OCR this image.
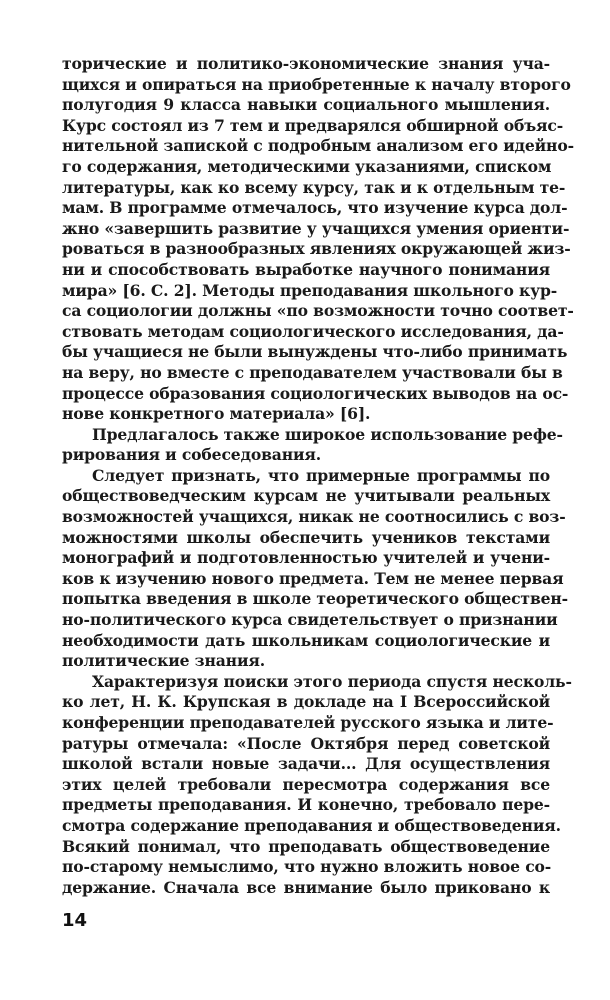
торические и политико-экономические знания уча-
щихся и опираться на приобретенные к началу второго
полугодия 9 класса навыки социального мышления.
Курс состоял из 7 тем и предварялся обширной объяс-
нительной запиской с подробным анализом его идейно-
го содержания, методическими указаниями, списком
литературы, как ко всему курсу, так и к отдельным те-
мам. В программе отмечалось, что изучение курса дол-
жно «завершить развитие у учащихся умения ориенти-
роваться в разнообразных явлениях окружающей жиз-
ни и способствовать выработке научного понимания
мира» [6. С. 2]. Методы преподавания школьного кур-
са социологии должны «по возможности точно соответ-
ствовать методам социологического исследования, да-
бы учащиеся не были вынуждены что-либо принимать
на веру, но вместе с преподавателем участвовали бы в
процессе образования социологических выводов на ос-
нове конкретного материала» [6].
Предлагалось также широкое использование рефе-
рирования и собеседования.
Следует признать, что примерные программы по
обществоведческим курсам не учитывали реальных
возможностей учащихся, никак не соотносились с воз-
можностями школы обеспечить учеников текстами
монографий и подготовленностью учителей и учени-
ков к изучению нового предмета. Тем не менее первая
попытка введения в школе теоретического обществен-
но-политического курса свидетельствует о признании
необходимости дать школьникам социологические и
политические знания.
Характеризуя поиски этого периода спустя несколь-
ко лет, Н. К. Крупская в докладе на I Всероссийской
конференции преподавателей русского языка и лите-
ратуры отмечала: «После Октября перед советской
школой встали новые задачи... Для осуществления
этих целей требовали пересмотра содержания все
предметы преподавания. И конечно, требовало пере-
смотра содержание преподавания и обществоведения.
Всякий понимал, что преподавать обществоведение
по-старому немыслимо, что нужно вложить новое со-
держание. Сначала все внимание было приковано к
14
